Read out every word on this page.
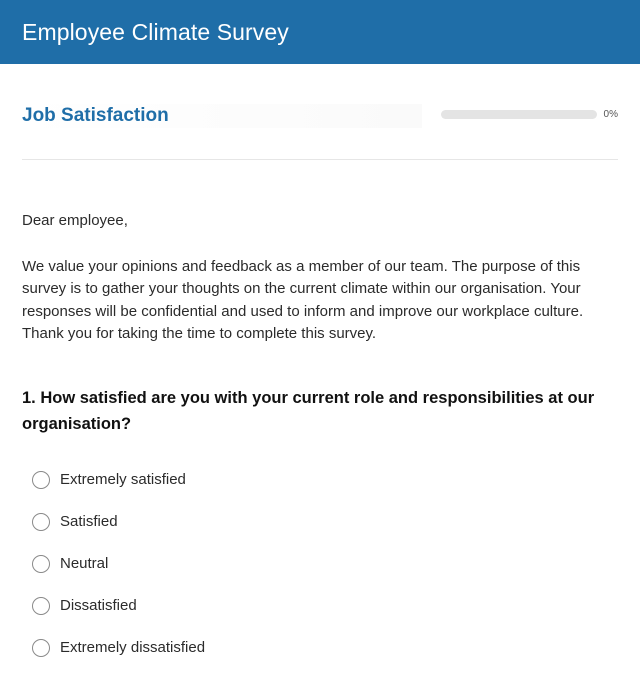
Employee Climate Survey
Job Satisfaction	0%

Dear employee,

We value your opinions and feedback as a member of our team. The purpose of this survey is to gather your thoughts on the current climate within our organisation. Your responses will be confidential and used to inform and improve our workplace culture. Thank you for taking the time to complete this survey.

1. How satisfied are you with your current role and responsibilities at our organisation?
Extremely satisfied
Satisfied
Neutral
Dissatisfied
Extremely dissatisfied
